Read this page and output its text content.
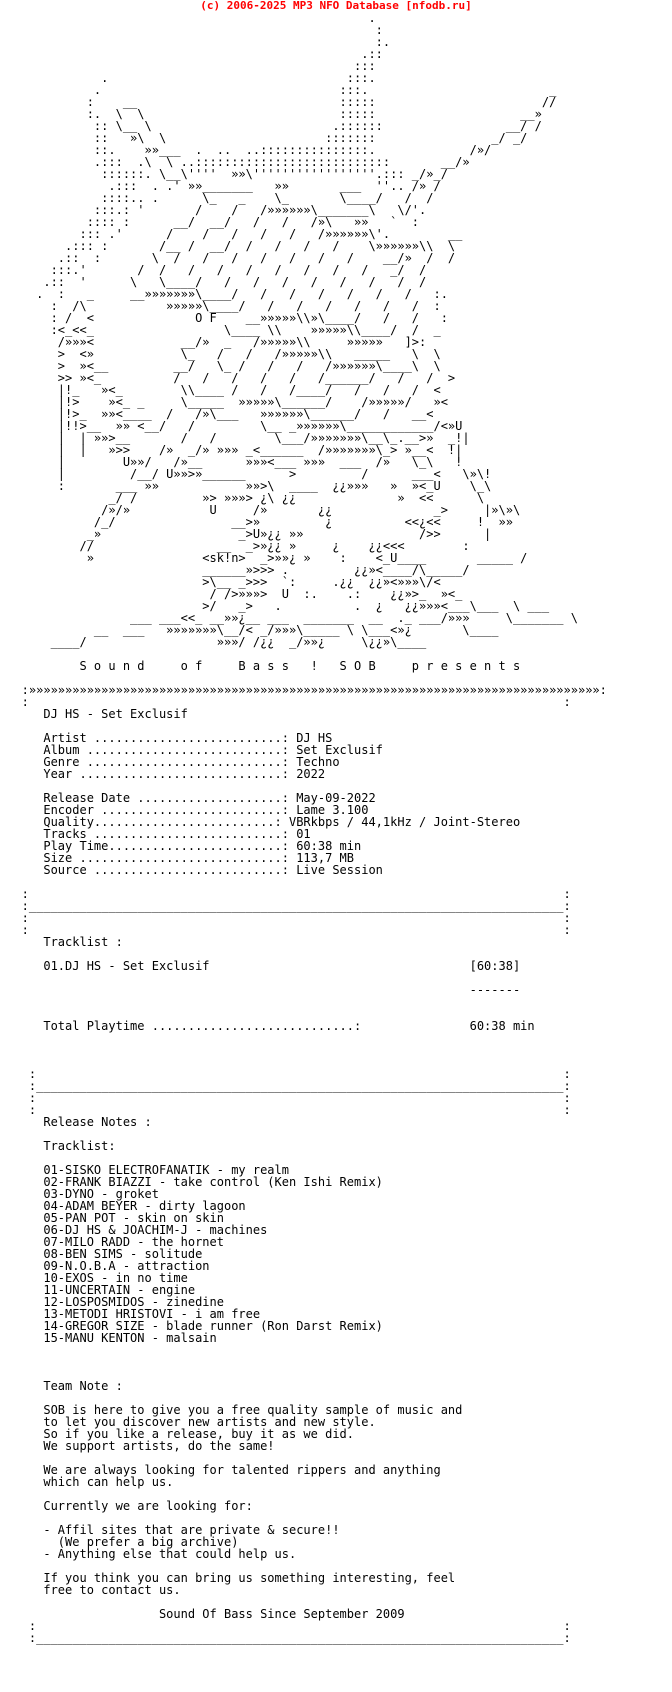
(c) 2006-2025 MP3 NFO Database [nfodb.ru]
.
:
:.
.::
:::
.                                 :::.
.                                 :::.                         _
:    __                            :::::                       //
:.  \  \                           :::::                    __»
:: \__ \                         .::::::                 __/ /
::   »\  \                      :::::::                _/ _/
::.    »»___  .  ..  ..:::::::::::::::.             /»/
.:::  .\  \ ..:::::::::::::::::::::::::::       __/»
::::::. \__\''''  »»\'''''''''''''''''.::: _/»_/
.:::  . .' »»_______   »»       ___  ''.. /» /
::::.. .      \_   _    \_       \____/   /  /
:::.: '       /    /   /»»»»»»\_______\   \/'.
:::: :      __/  __/   /   /   /»\   »»   `  :
::: .'      /    /   /   /   /   /»»»»»»\'.        __
.::: :       /__ /  __/  /   /   /   /    \»»»»»»\\  \
.::  :       \  /   /   /   /   /   /   /    __/»  /  /
:::.'       /  /   /   /   /   /   /   /   /   _/  /
.::  '      \   \____/   /   /   /   /   /   /   /  /
.  :   _     __»»»»»»»\____/   /   /   /   /   /   /   :.
:  /\           »»»»»\____/   /   /   /   /   /   /  :
: /  <              O F    __»»»»»\\»\____/   /   /   :
:<_<<_                  \____ \\    »»»»»\\____/  /  _
/»»»<            __/»  _   /»»»»»\\     »»»»»   ]>:
>  <»            \_   /   /   /»»»»»\\   _____   \  \
>  »<__         __/   \_ /   /   /   /»»»»»»\____\  \
>> »<_          /   /   /   /   /   /______/   /   /  >
|!_   »<_        \\____ /   /   /____/   /   /   /  <
|!>    »<_ _     \_____  »»»»»\______/    /»»»»»/   »<
|!>_  »»<____  /   /»\___   »»»»»»\______/   /   __<
|!!>__  »» <__/   /         \__ _»»»»»»\____________/<»U
|  | »»>__       /   /        \___/»»»»»»»\__\_.__>»  _!|
|  |   »>>    /»  _/» »»» _<______  /»»»»»»»\_> »__<  !|
|        U»»/   /»__      »»»<___ »»»  ___  /»   \_\   !
|         /__/ U»»>»______      >         /      ___<   \»\!
:       ___ »»            »»>\  ____  ¿¿»»»   »  »<_U    \_\
_/ /         »> »»»> ¿\ ¿¿              »  <<      \
/»/»           U     /»       ¿¿              _>     |»\»\
/_/                __>»         ¿          <<¿<<     !  »»
_»                   _>U»¿¿ »»                />>      |
//                 __  _>»¿¿ »     ¿    ¿¿<<<        :
»               <sk!n>  _>»»¿ »    :    <_U____       _____ /
______»>>> .         ¿¿»<____/\_____/
>\__ _>>>  `:     .¿¿  ¿¿»<»»»\/<
/ />»»»>  U  :.    .:    ¿¿»>_  »<_
>/   _>   .          .  ¿   ¿¿»»»<___\___  \ ___
___ ___<<_ __»»¿__ ___  _______  __  ._ ___/»»»     \_______ \
__  ___   »»»»»»»\__/< _/»»»\_____ \ \___<»¿       \____
____/                  »»»/ /¿¿  _/»»¿     \¿¿»\____

S o u n d     o f     B a s s   !   S O B     p r e s e n t s

:»»»»»»»»»»»»»»»»»»»»»»»»»»»»»»»»»»»»»»»»»»»»»»»»»»»»»»»»»»»»»»»»»»»»»»»»»»»»»»»:
:                                                                          :
DJ HS - Set Exclusif

Artist ..........................: DJ HS
Album ...........................: Set Exclusif
Genre ...........................: Techno
Year ............................: 2022

Release Date ....................: May-09-2022
Encoder .........................: Lame 3.100
Quality.........................: VBRkbps / 44,1kHz / Joint-Stereo
Tracks ..........................: 01
Play Time........................: 60:38 min
Size ............................: 113,7 MB
Source ..........................: Live Session

:                                                                          :
:__________________________________________________________________________:
:                                                                          :
:                                                                          :
Tracklist :

01.DJ HS - Set Exclusif                                    [60:38]

-------

Total Playtime ............................:               60:38 min

:                                                                         :
:_________________________________________________________________________:
:                                                                         :
:                                                                         :
Release Notes :

Tracklist:

01-SISKO ELECTROFANATIK - my realm
02-FRANK BIAZZI - take control (Ken Ishi Remix)
03-DYNO - groket
04-ADAM BEYER - dirty lagoon
05-PAN POT - skin on skin
06-DJ HS & JOACHIM-J - machines
07-MILO RADD - the hornet
08-BEN SIMS - solitude
09-N.O.B.A - attraction
10-EXOS - in no time
11-UNCERTAIN - engine
12-LOSPOSMIDOS - zinedine
13-METODI HRISTOVI - i am free
14-GREGOR SIZE - blade runner (Ron Darst Remix)
15-MANU KENTON - malsain

Team Note :

SOB is here to give you a free quality sample of music and
to let you discover new artists and new style.
So if you like a release, buy it as we did.
We support artists, do the same!

We are always looking for talented rippers and anything
which can help us.

Currently we are looking for:

- Affil sites that are private & secure!!
(We prefer a big archive)
- Anything else that could help us.

If you think you can bring us something interesting, feel
free to contact us.

Sound Of Bass Since September 2009
:                                                                         :
:_________________________________________________________________________:
